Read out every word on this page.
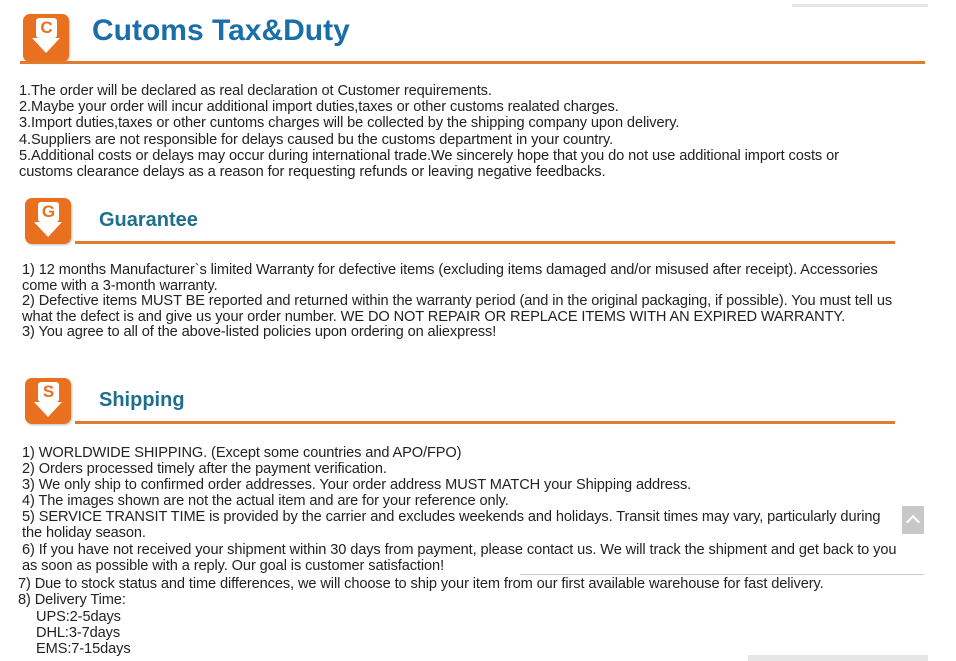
C Cutoms Tax&Duty
1.The order will be declared as real declaration ot Customer requirements.
2.Maybe your order will incur additional import duties,taxes or other customs realated charges.
3.Import duties,taxes or other cuntoms charges will be collected by the shipping company upon delivery.
4.Suppliers are not responsible for delays caused bu the customs department in your country.
5.Additional costs or delays may occur during international trade.We sincerely hope that you do not use additional import costs or
customs clearance delays as a reason for requesting refunds or leaving negative feedbacks.
G Guarantee
1) 12 months Manufacturer`s limited Warranty for defective items (excluding items damaged and/or misused after receipt). Accessories
come with a 3-month warranty.
2) Defective items MUST BE reported and returned within the warranty period (and in the original packaging, if possible). You must tell us
what the defect is and give us your order number. WE DO NOT REPAIR OR REPLACE ITEMS WITH AN EXPIRED WARRANTY.
3) You agree to all of the above-listed policies upon ordering on aliexpress!
S Shipping
1) WORLDWIDE SHIPPING. (Except some countries and APO/FPO)
2) Orders processed timely after the payment verification.
3) We only ship to confirmed order addresses. Your order address MUST MATCH your Shipping address.
4) The images shown are not the actual item and are for your reference only.
5) SERVICE TRANSIT TIME is provided by the carrier and excludes weekends and holidays. Transit times may vary, particularly during
the holiday season.
6) If you have not received your shipment within 30 days from payment, please contact us. We will track the shipment and get back to you
as soon as possible with a reply. Our goal is customer satisfaction!
7) Due to stock status and time differences, we will choose to ship your item from our first available warehouse for fast delivery.
8) Delivery Time:
UPS:2-5days
DHL:3-7days
EMS:7-15days
